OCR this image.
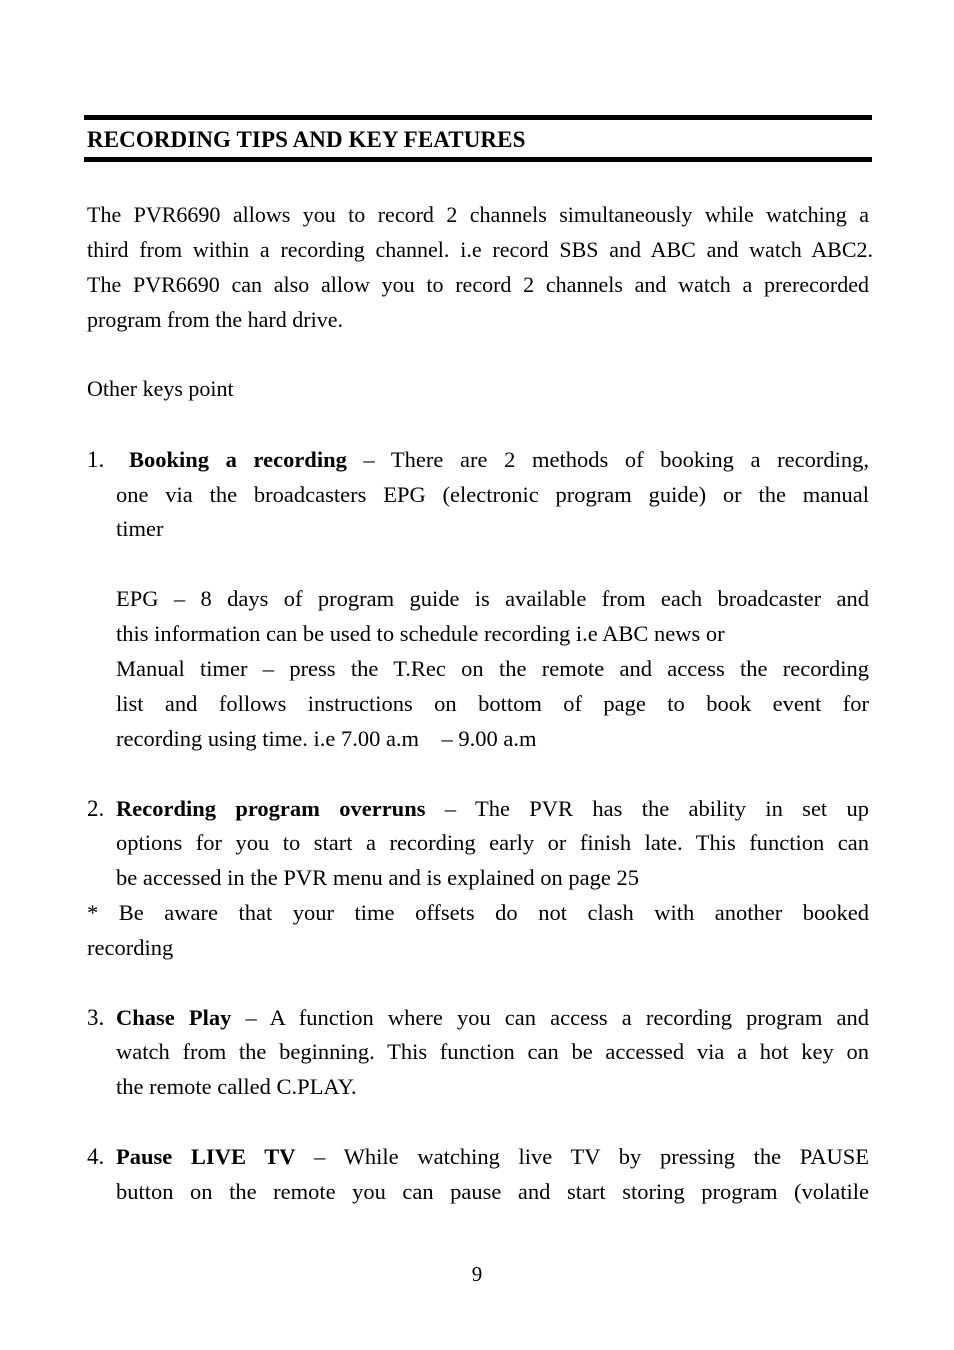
RECORDING TIPS AND KEY FEATURES
The PVR6690 allows you to record 2 channels simultaneously while watching a
third from within a recording channel. i.e record SBS and ABC and watch ABC2.
The PVR6690 can also allow you to record 2 channels and watch a prerecorded
program from the hard drive.
Other keys point
1. Booking a recording – There are 2 methods of booking a recording,
one via the broadcasters EPG (electronic program guide) or the manual
timer
EPG – 8 days of program guide is available from each broadcaster and
this information can be used to schedule recording i.e ABC news or
Manual timer – press the T.Rec on the remote and access the recording
list and follows instructions on bottom of page to book event for
recording using time. i.e 7.00 a.m    – 9.00 a.m
2. Recording program overruns – The PVR has the ability in set up
options for you to start a recording early or finish late. This function can
be accessed in the PVR menu and is explained on page 25
* Be aware that your time offsets do not clash with another booked
recording
3. Chase Play – A function where you can access a recording program and
watch from the beginning. This function can be accessed via a hot key on
the remote called C.PLAY.
4. Pause LIVE TV – While watching live TV by pressing the PAUSE
button on the remote you can pause and start storing program (volatile
9
